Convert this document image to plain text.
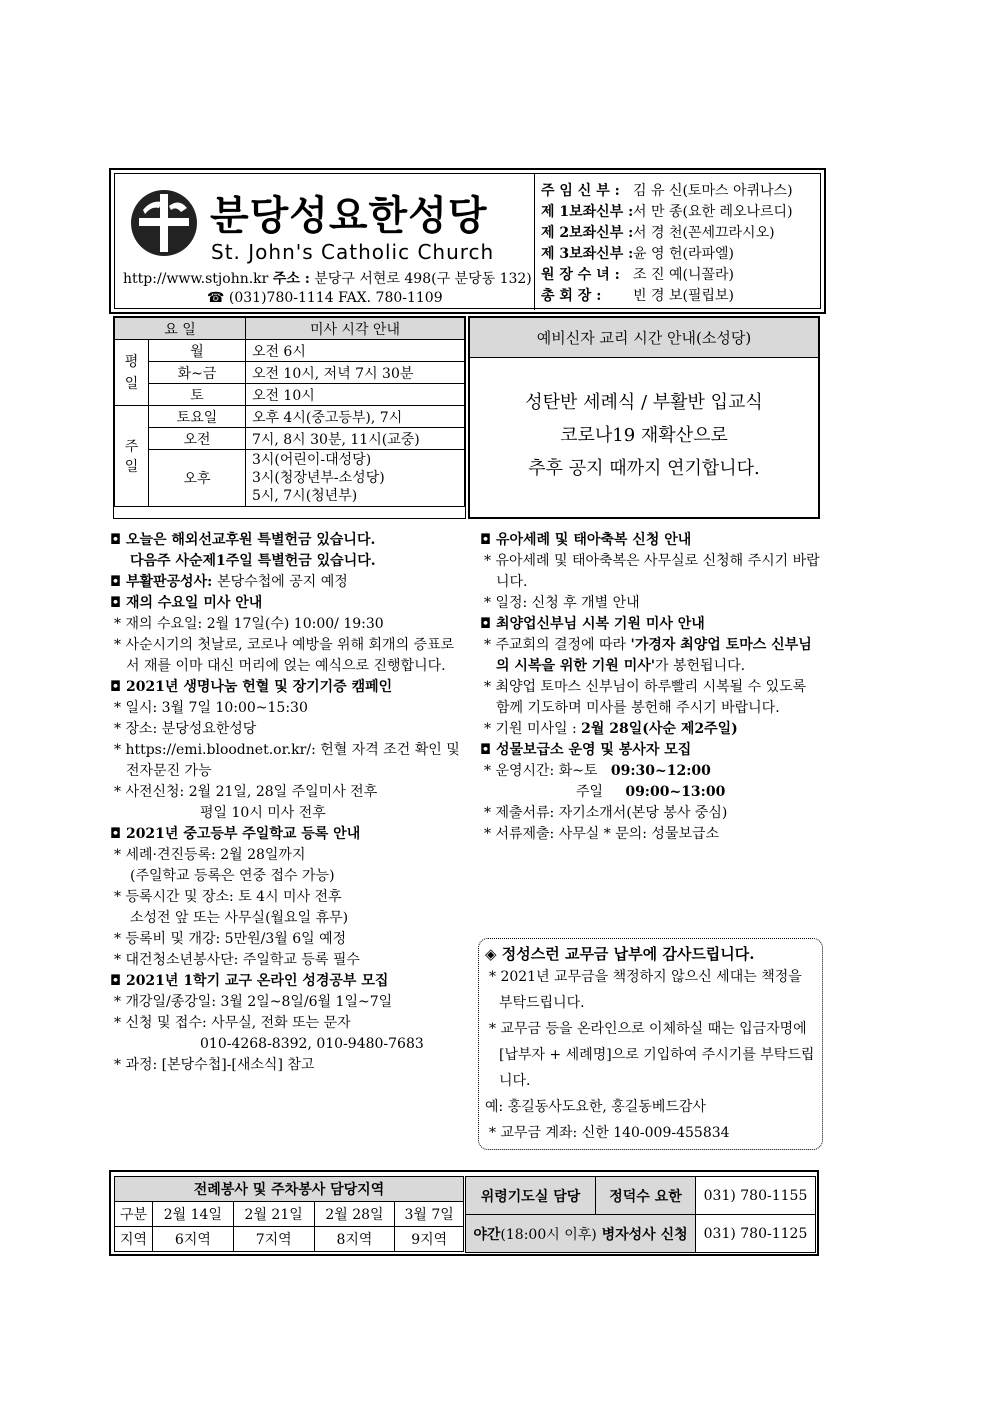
분당성요한성당
St. John's Catholic Church
http://www.stjohn.kr 주소 : 분당구 서현로 498(구 분당동 132)
☎ (031)780-1114 FAX. 780-1109
주 임 신 부 : 김 유 신(토마스 아퀴나스)
제 1보좌신부 :서 만 종(요한 레오나르디)
제 2보좌신부 :서 경 천(꼰세끄라시오)
제 3보좌신부 :윤 영 헌(라파엘)
원 장 수 녀 : 조 진 예(니꼴라)
총 회 장 : 빈 경 보(필립보)
요 일		미사 시각 안내
평일	월	오전 6시
	화~금	오전 10시, 저녁 7시 30분
	토	오전 10시
주일	토요일	오후 4시(중고등부), 7시
	오전	7시, 8시 30분, 11시(교중)
	오후	3시(어린이-대성당)
3시(청장년부-소성당)
5시, 7시(청년부)
예비신자 교리 시간 안내(소성당)
성탄반 세례식 / 부활반 입교식
코로나19 재확산으로
추후 공지 때까지 연기합니다.
◘ 오늘은 해외선교후원 특별헌금 있습니다.
다음주 사순제1주일 특별헌금 있습니다.
◘ 부활판공성사: 본당수첩에 공지 예정
◘ 재의 수요일 미사 안내
* 재의 수요일: 2월 17일(수) 10:00/ 19:30
* 사순시기의 첫날로, 코로나 예방을 위해 회개의 증표로서 재를 이마 대신 머리에 얹는 예식으로 진행합니다.
◘ 2021년 생명나눔 헌혈 및 장기기증 캠페인
* 일시: 3월 7일 10:00~15:30
* 장소: 분당성요한성당
* https://emi.bloodnet.or.kr/: 헌혈 자격 조건 확인 및 전자문진 가능
* 사전신청: 2월 21일, 28일 주일미사 전후
평일 10시 미사 전후
◘ 2021년 중고등부 주일학교 등록 안내
* 세례·견진등록: 2월 28일까지
(주일학교 등록은 연중 접수 가능)
* 등록시간 및 장소: 토 4시 미사 전후
소성전 앞 또는 사무실(월요일 휴무)
* 등록비 및 개강: 5만원/3월 6일 예정
* 대건청소년봉사단: 주일학교 등록 필수
◘ 2021년 1학기 교구 온라인 성경공부 모집
* 개강일/종강일: 3월 2일~8일/6월 1일~7일
* 신청 및 접수: 사무실, 전화 또는 문자
010-4268-8392, 010-9480-7683
* 과정: [본당수첩]-[새소식] 참고
◘ 유아세례 및 태아축복 신청 안내
* 유아세례 및 태아축복은 사무실로 신청해 주시기 바랍니다.
* 일정: 신청 후 개별 안내
◘ 최양업신부님 시복 기원 미사 안내
* 주교회의 결정에 따라 '가경자 최양업 토마스 신부님의 시복을 위한 기원 미사'가 봉헌됩니다.
* 최양업 토마스 신부님이 하루빨리 시복될 수 있도록 함께 기도하며 미사를 봉헌해 주시기 바랍니다.
* 기원 미사일 : 2월 28일(사순 제2주일)
◘ 성물보급소 운영 및 봉사자 모집
* 운영시간: 화~토 09:30~12:00
주일 09:00~13:00
* 제출서류: 자기소개서(본당 봉사 중심)
* 서류제출: 사무실 * 문의: 성물보급소
◈ 정성스런 교무금 납부에 감사드립니다.
* 2021년 교무금을 책정하지 않으신 세대는 책정을 부탁드립니다.
* 교무금 등을 온라인으로 이체하실 때는 입금자명에 [납부자 + 세례명]으로 기입하여 주시기를 부탁드립니다.
예: 홍길동사도요한, 홍길동베드감사
* 교무금 계좌: 신한 140-009-455834
전례봉사 및 주차봉사 담당지역				
구분	2월 14일	2월 21일	2월 28일	3월 7일
지역	6지역	7지역	8지역	9지역
위령기도실 담당	정덕수 요한	031) 780-1155
야간(18:00시 이후) 병자성사 신청		031) 780-1125
